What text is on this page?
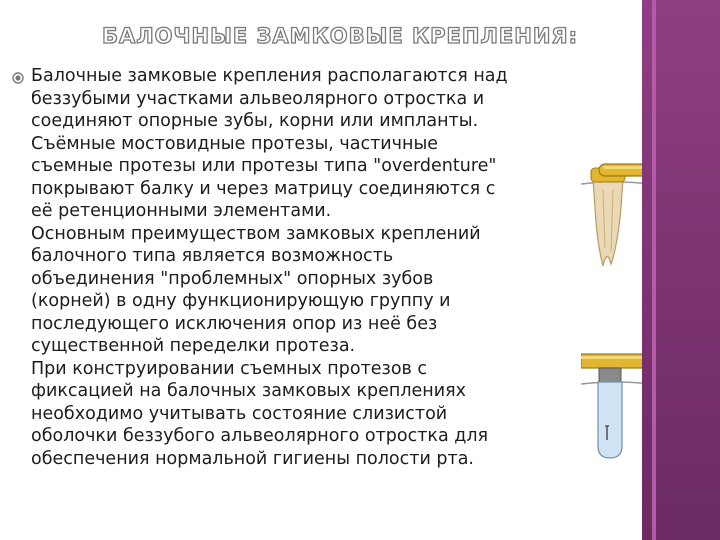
БАЛОЧНЫЕ ЗАМКОВЫЕ КРЕПЛЕНИЯ:

Балочные замковые крепления располагаются над

беззубыми участками альвеолярного отростка и

соединяют опорные зубы, корни или импланты.

Съёмные мостовидные протезы, частичные

съемные протезы или протезы типа "overdenture"

покрывают балку и через матрицу соединяются с

её ретенционными элементами.

Основным преимуществом замковых креплений

балочного типа является возможность

объединения "проблемных" опорных зубов

(корней) в одну функционирующую группу и

последующего исключения опор из неё без

существенной переделки протеза.

При конструировании съемных протезов с

фиксацией на балочных замковых креплениях

необходимо учитывать состояние слизистой

оболочки беззубого альвеолярного отростка для

обеспечения нормальной гигиены полости рта.
